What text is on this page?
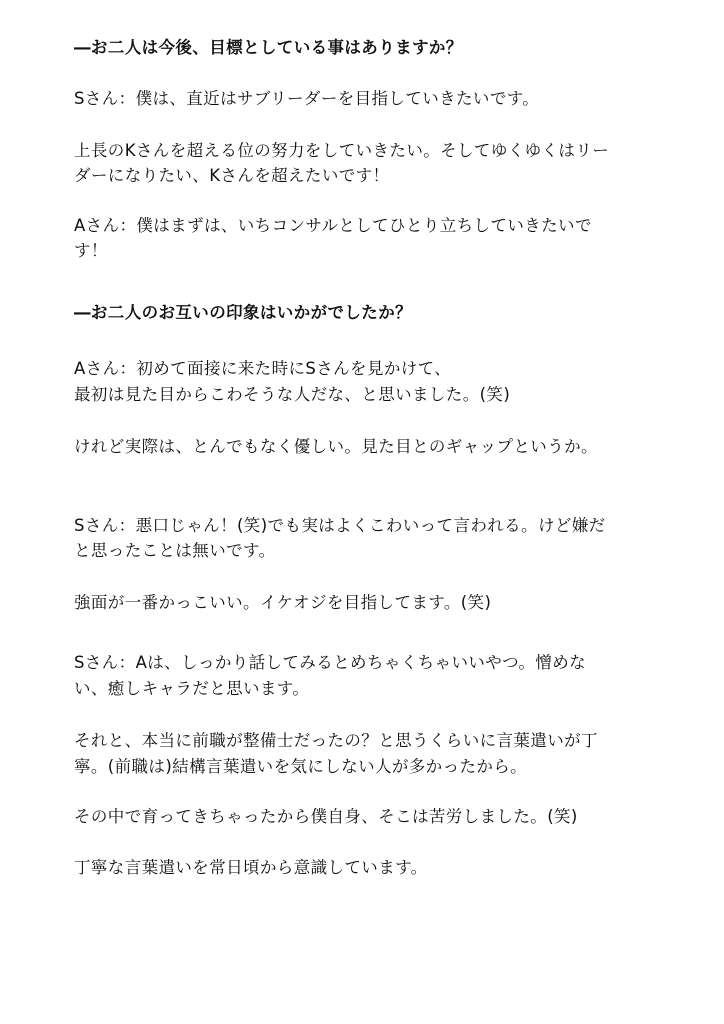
―お二人は今後、目標としている事はありますか？
Sさん：僕は、直近はサブリーダーを目指していきたいです。
上長のKさんを超える位の努力をしていきたい。そしてゆくゆくはリー
ダーになりたい、Kさんを超えたいです！
Aさん：僕はまずは、いちコンサルとしてひとり立ちしていきたいで
す！
―お二人のお互いの印象はいかがでしたか？
Aさん：初めて面接に来た時にSさんを見かけて、
最初は見た目からこわそうな人だな、と思いました。(笑)
けれど実際は、とんでもなく優しい。見た目とのギャップというか。
Sさん：悪口じゃん！(笑)でも実はよくこわいって言われる。けど嫌だ
と思ったことは無いです。
強面が一番かっこいい。イケオジを目指してます。(笑)
Sさん：Aは、しっかり話してみるとめちゃくちゃいいやつ。憎めな
い、癒しキャラだと思います。
それと、本当に前職が整備士だったの？と思うくらいに言葉遣いが丁
寧。(前職は)結構言葉遣いを気にしない人が多かったから。
その中で育ってきちゃったから僕自身、そこは苦労しました。(笑)
丁寧な言葉遣いを常日頃から意識しています。
